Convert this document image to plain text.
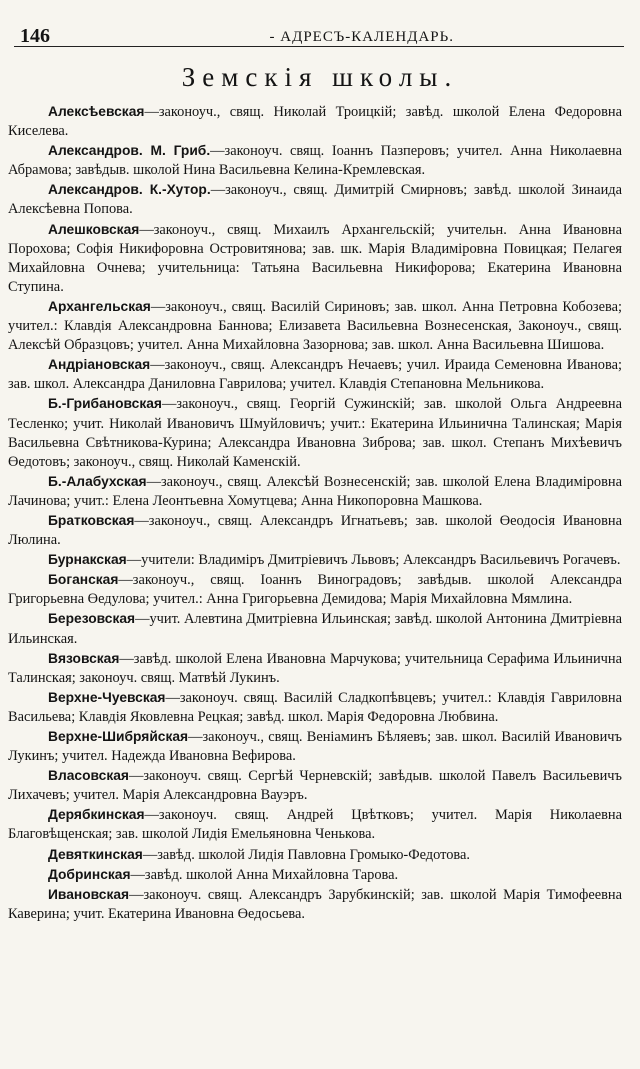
146	- АДРЕСЪ-КАЛЕНДАРЬ.
Земскія школы.

Алексѣевская—законоуч., свящ. Николай Троицкій; завѣд. школой Елена Федоровна Киселева.

Александров. М. Гриб.—законоуч. свящ. Іоаннъ Пазперовъ; учител. Анна Николаевна Абрамова; завѣдыв. школой Нина Васильевна Келина-Кремлевская.

Александров. К.-Хутор.—законоуч., свящ. Димитрій Смирновъ; завѣд. школой Зинаида Алексѣевна Попова.

Алешковская—законоуч., свящ. Михаилъ Архангельскій; учительн. Анна Ивановна Порохова; Софія Никифоровна Островитянова; зав. шк. Марія Владиміровна Повицкая; Пелагея Михайловна Очнева; учительница: Татьяна Васильевна Никифорова; Екатерина Ивановна Ступина.

Архангельская—законоуч., свящ. Василій Сириновъ; зав. школ. Анна Петровна Кобозева; учител.: Клавдія Александровна Баннова; Елизавета Васильевна Вознесенская, Законоуч., свящ. Алексѣй Образцовъ; учител. Анна Михайловна Зазорнова; зав. школ. Анна Васильевна Шишова.

Андріановская—законоуч., свящ. Александръ Нечаевъ; учил. Ираида Семеновна Иванова; зав. школ. Александра Даниловна Гаврилова; учител. Клавдія Степановна Мельникова.

Б.-Грибановская—законоуч., свящ. Георгій Сужинскій; зав. школой Ольга Андреевна Тесленко; учит. Николай Ивановичъ Шмуйловичъ; учит.: Екатерина Ильинична Талинская; Марія Васильевна Свѣтникова-Курина; Александра Ивановна Зиброва; зав. школ. Степанъ Михѣевичъ Өедотовъ; законоуч., свящ. Николай Каменскій.

Б.-Алабухская—законоуч., свящ. Алексѣй Вознесенскій; зав. школой Елена Владиміровна Лачинова; учит.: Елена Леонтьевна Хомутцева; Анна Никопоровна Машкова.

Братковская—законоуч., свящ. Александръ Игнатьевъ; зав. школой Өеодосія Ивановна Люлина.

Бурнакская—учители: Владиміръ Дмитріевичъ Львовъ; Александръ Васильевичъ Рогачевъ.

Боганская—законоуч., свящ. Іоаннъ Виноградовъ; завѣдыв. школой Александра Григорьевна Өедулова; учител.: Анна Григорьевна Демидова; Марія Михайловна Мямлина.

Березовская—учит. Алевтина Дмитріевна Ильинская; завѣд. школой Антонина Дмитріевна Ильинская.

Вязовская—завѣд. школой Елена Ивановна Марчукова; учительница Серафима Ильинична Талинская; законоуч. свящ. Матвѣй Лукинъ.

Верхне-Чуевская—законоуч. свящ. Василій Сладкопѣвцевъ; учител.: Клавдія Гавриловна Васильева; Клавдія Яковлевна Рецкая; завѣд. школ. Марія Федоровна Любвина.

Верхне-Шибряйская—законоуч., свящ. Веніаминъ Бѣляевъ; зав. школ. Василій Ивановичъ Лукинъ; учител. Надежда Ивановна Вефирова.

Власовская—законоуч. свящ. Сергѣй Черневскій; завѣдыв. школой Павелъ Васильевичъ Лихачевъ; учител. Марія Александровна Вауэръ.

Дерябкинская—законоуч. свящ. Андрей Цвѣтковъ; учител. Марія Николаевна Благовѣщенская; зав. школой Лидія Емельяновна Ченькова.

Девяткинская—завѣд. школой Лидія Павловна Громыко-Федотова.

Добринская—завѣд. школой Анна Михайловна Тарова.

Ивановская—законоуч. свящ. Александръ Зарубкинскій; зав. школой Марія Тимофеевна Каверина; учит. Екатерина Ивановна Өедосьева.
